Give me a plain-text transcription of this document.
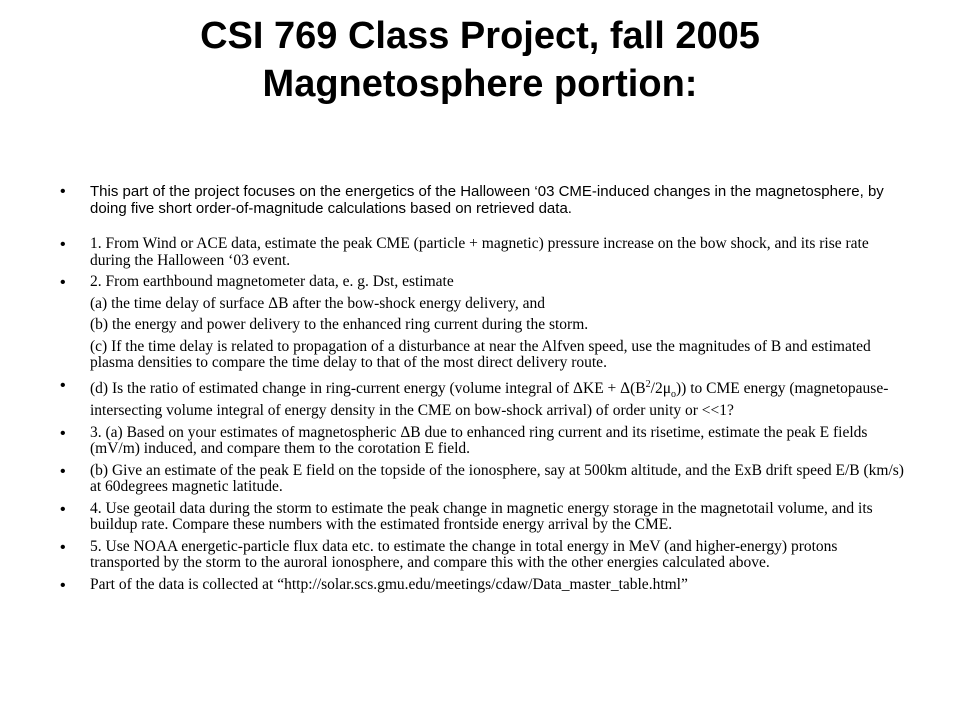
CSI 769 Class Project, fall 2005
Magnetosphere portion:
• This part of the project focuses on the energetics of the Halloween ‘03 CME-induced changes in the magnetosphere, by doing five short order-of-magnitude calculations based on retrieved data.
• 1. From Wind or ACE data, estimate the peak CME (particle + magnetic) pressure increase on the bow shock, and its rise rate during the Halloween ‘03 event.
• 2. From earthbound magnetometer data, e. g. Dst, estimate
(a) the time delay of surface ΔB after the bow-shock energy delivery, and
(b) the energy and power delivery to the enhanced ring current during the storm.
(c) If the time delay is related to propagation of a disturbance at near the Alfven speed, use the magnitudes of B and estimated plasma densities to compare the time delay to that of the most direct delivery route.
• (d) Is the ratio of estimated change in ring-current energy (volume integral of $\Delta KE + \Delta(B^2/2\mu_o)$) to CME energy (magnetopause-intersecting volume integral of energy density in the CME on bow-shock arrival) of order unity or <<1?
• 3. (a) Based on your estimates of magnetospheric ΔB due to enhanced ring current and its risetime, estimate the peak E fields (mV/m) induced, and compare them to the corotation E field.
• (b) Give an estimate of the peak E field on the topside of the ionosphere, say at 500km altitude, and the ExB drift speed E/B (km/s) at 60degrees magnetic latitude.
• 4. Use geotail data during the storm to estimate the peak change in magnetic energy storage in the magnetotail volume, and its buildup rate. Compare these numbers with the estimated frontside energy arrival by the CME.
• 5. Use NOAA energetic-particle flux data etc. to estimate the change in total energy in MeV (and higher-energy) protons transported by the storm to the auroral ionosphere, and compare this with the other energies calculated above.
• Part of the data is collected at “http://solar.scs.gmu.edu/meetings/cdaw/Data_master_table.html”
